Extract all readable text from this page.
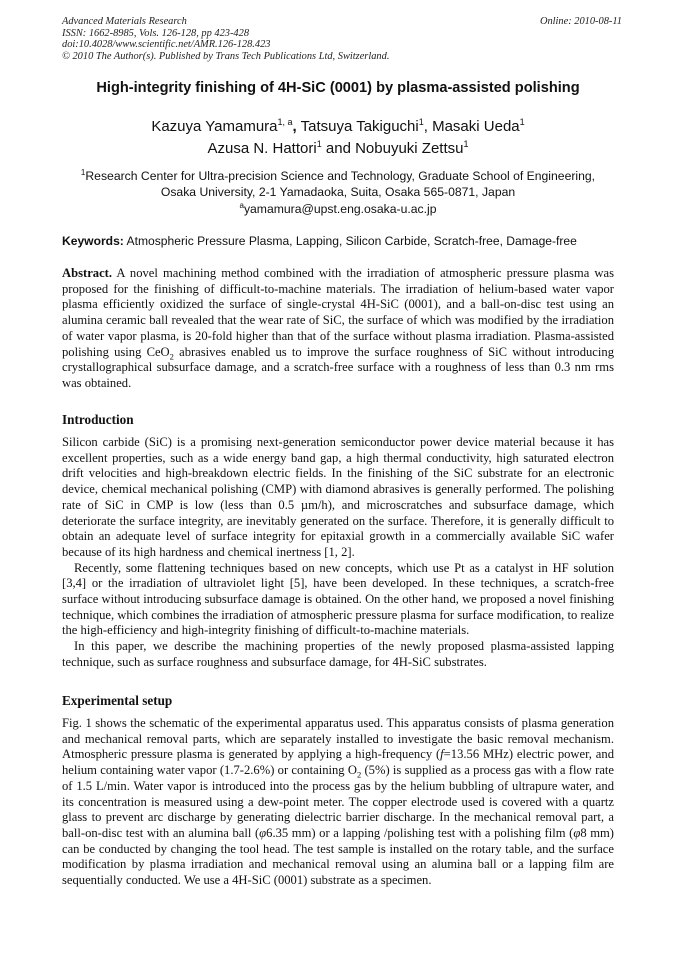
Advanced Materials Research
ISSN: 1662-8985, Vols. 126-128, pp 423-428
doi:10.4028/www.scientific.net/AMR.126-128.423
© 2010 The Author(s). Published by Trans Tech Publications Ltd, Switzerland.
Online: 2010-08-11
High-integrity finishing of 4H-SiC (0001) by plasma-assisted polishing
Kazuya Yamamura$^{1, a}$, Tatsuya Takiguchi$^1$, Masaki Ueda$^1$
Azusa N. Hattori$^1$ and Nobuyuki Zettsu$^1$
$^1$Research Center for Ultra-precision Science and Technology, Graduate School of Engineering,
Osaka University, 2-1 Yamadaoka, Suita, Osaka 565-0871, Japan
$^a$yamamura@upst.eng.osaka-u.ac.jp
Keywords: Atmospheric Pressure Plasma, Lapping, Silicon Carbide, Scratch-free, Damage-free
Abstract. A novel machining method combined with the irradiation of atmospheric pressure plasma was proposed for the finishing of difficult-to-machine materials. The irradiation of helium-based water vapor plasma efficiently oxidized the surface of single-crystal 4H-SiC (0001), and a ball-on-disc test using an alumina ceramic ball revealed that the wear rate of SiC, the surface of which was modified by the irradiation of water vapor plasma, is 20-fold higher than that of the surface without plasma irradiation. Plasma-assisted polishing using CeO$_2$ abrasives enabled us to improve the surface roughness of SiC without introducing crystallographical subsurface damage, and a scratch-free surface with a roughness of less than 0.3 nm rms was obtained.
Introduction
Silicon carbide (SiC) is a promising next-generation semiconductor power device material because it has excellent properties, such as a wide energy band gap, a high thermal conductivity, high saturated electron drift velocities and high-breakdown electric fields. In the finishing of the SiC substrate for an electronic device, chemical mechanical polishing (CMP) with diamond abrasives is generally performed. The polishing rate of SiC in CMP is low (less than 0.5 µm/h), and microscratches and subsurface damage, which deteriorate the surface integrity, are inevitably generated on the surface. Therefore, it is generally difficult to obtain an adequate level of surface integrity for epitaxial growth in a commercially available SiC wafer because of its high hardness and chemical inertness [1, 2].
Recently, some flattening techniques based on new concepts, which use Pt as a catalyst in HF solution [3,4] or the irradiation of ultraviolet light [5], have been developed. In these techniques, a scratch-free surface without introducing subsurface damage is obtained. On the other hand, we proposed a novel finishing technique, which combines the irradiation of atmospheric pressure plasma for surface modification, to realize the high-efficiency and high-integrity finishing of difficult-to-machine materials.
In this paper, we describe the machining properties of the newly proposed plasma-assisted lapping technique, such as surface roughness and subsurface damage, for 4H-SiC substrates.
Experimental setup
Fig. 1 shows the schematic of the experimental apparatus used. This apparatus consists of plasma generation and mechanical removal parts, which are separately installed to investigate the basic removal mechanism. Atmospheric pressure plasma is generated by applying a high-frequency (f=13.56 MHz) electric power, and helium containing water vapor (1.7-2.6%) or containing $O_2$ (5%) is supplied as a process gas with a flow rate of 1.5 L/min. Water vapor is introduced into the process gas by the helium bubbling of ultrapure water, and its concentration is measured using a dew-point meter. The copper electrode used is covered with a quartz glass to prevent arc discharge by generating dielectric barrier discharge. In the mechanical removal part, a ball-on-disc test with an alumina ball (φ6.35 mm) or a lapping /polishing test with a polishing film (φ8 mm) can be conducted by changing the tool head. The test sample is installed on the rotary table, and the surface modification by plasma irradiation and mechanical removal using an alumina ball or a lapping film are sequentially conducted. We use a 4H-SiC (0001) substrate as a specimen.
